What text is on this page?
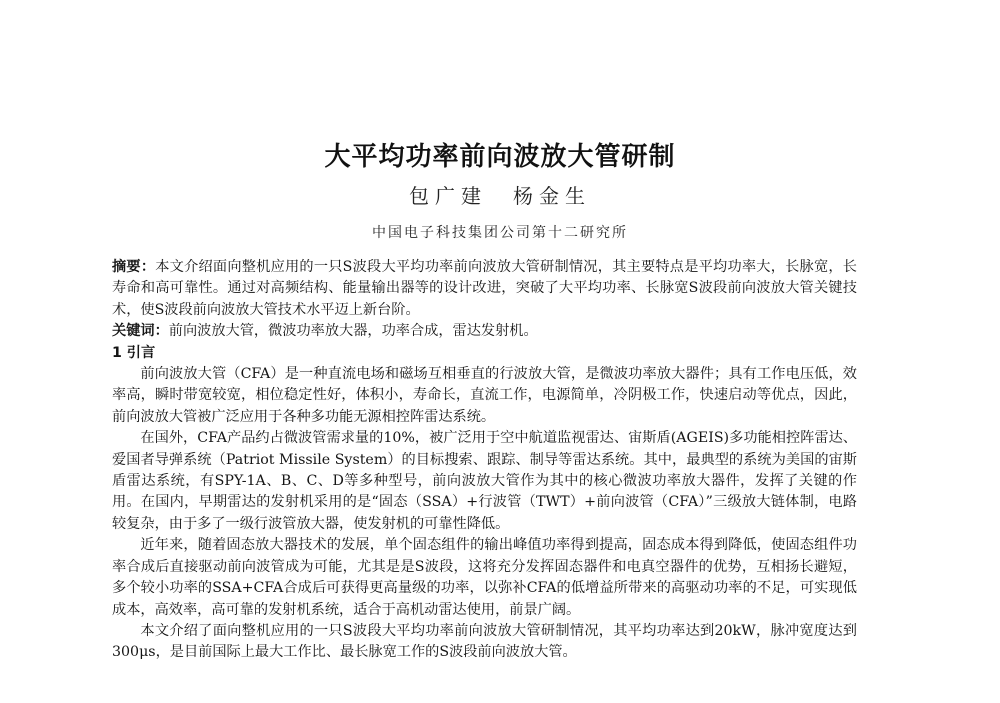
大平均功率前向波放大管研制
包广建　杨金生
中国电子科技集团公司第十二研究所

摘要：本文介绍面向整机应用的一只S波段大平均功率前向波放大管研制情况，其主要特点是平均功率大，长脉宽，长寿命和高可靠性。通过对高频结构、能量输出器等的设计改进，突破了大平均功率、长脉宽S波段前向波放大管关键技术，使S波段前向波放大管技术水平迈上新台阶。

关键词：前向波放大管，微波功率放大器，功率合成，雷达发射机。

1 引言

前向波放大管（CFA）是一种直流电场和磁场互相垂直的行波放大管，是微波功率放大器件；具有工作电压低，效率高，瞬时带宽较宽，相位稳定性好，体积小，寿命长，直流工作，电源简单，冷阴极工作，快速启动等优点，因此，前向波放大管被广泛应用于各种多功能无源相控阵雷达系统。

在国外，CFA产品约占微波管需求量的10%，被广泛用于空中航道监视雷达、宙斯盾(AGEIS)多功能相控阵雷达、爱国者导弹系统（Patriot Missile System）的目标搜索、跟踪、制导等雷达系统。其中，最典型的系统为美国的宙斯盾雷达系统，有SPY-1A、B、C、D等多种型号，前向波放大管作为其中的核心微波功率放大器件，发挥了关键的作用。在国内，早期雷达的发射机采用的是“固态（SSA）+行波管（TWT）+前向波管（CFA）”三级放大链体制，电路较复杂，由于多了一级行波管放大器，使发射机的可靠性降低。

近年来，随着固态放大器技术的发展，单个固态组件的输出峰值功率得到提高，固态成本得到降低，使固态组件功率合成后直接驱动前向波管成为可能，尤其是是S波段，这将充分发挥固态器件和电真空器件的优势，互相扬长避短，多个较小功率的SSA+CFA合成后可获得更高量级的功率，以弥补CFA的低增益所带来的高驱动功率的不足，可实现低成本，高效率，高可靠的发射机系统，适合于高机动雷达使用，前景广阔。

本文介绍了面向整机应用的一只S波段大平均功率前向波放大管研制情况，其平均功率达到20kW，脉冲宽度达到300μs，是目前国际上最大工作比、最长脉宽工作的S波段前向波放大管。
